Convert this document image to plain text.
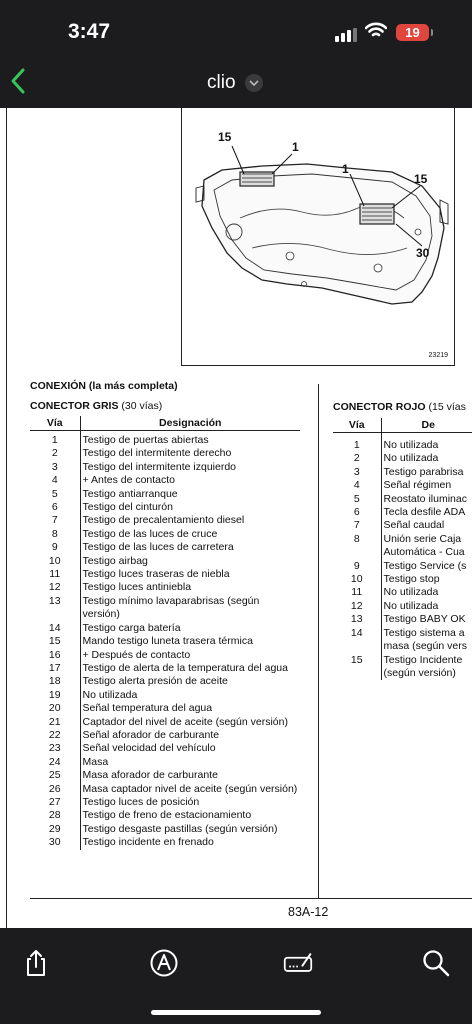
3:47	19
clio
15
1
1
15
30
23219
CONEXIÓN (la más completa)
CONECTOR GRIS (30 vías)	CONECTOR ROJO (15 vías
Vía	Designación
1	Testigo de puertas abiertas
2	Testigo del intermitente derecho
3	Testigo del intermitente izquierdo
4	+ Antes de contacto
5	Testigo antiarranque
6	Testigo del cinturón
7	Testigo de precalentamiento diesel
8	Testigo de las luces de cruce
9	Testigo de las luces de carretera
10	Testigo airbag
11	Testigo luces traseras de niebla
12	Testigo luces antiniebla
13	Testigo mínimo lavaparabrisas (según versión)
14	Testigo carga batería
15	Mando testigo luneta trasera térmica
16	+ Después de contacto
17	Testigo de alerta de la temperatura del agua
18	Testigo alerta presión de aceite
19	No utilizada
20	Señal temperatura del agua
21	Captador del nivel de aceite (según versión)
22	Señal aforador de carburante
23	Señal velocidad del vehículo
24	Masa
25	Masa aforador de carburante
26	Masa captador nivel de aceite (según versión)
27	Testigo luces de posición
28	Testigo de freno de estacionamiento
29	Testigo desgaste pastillas (según versión)
30	Testigo incidente en frenado
Vía	De
1	No utilizada
2	No utilizada
3	Testigo parabrisa
4	Señal régimen
5	Reostato iluminac
6	Tecla desfile ADA
7	Señal caudal
8	Unión serie Caja Automática - Cua
9	Testigo Service (s
10	Testigo stop
11	No utilizada
12	No utilizada
13	Testigo BABY OK
14	Testigo sistema a masa (según vers
15	Testigo Incidente (según versión)
83A-12
